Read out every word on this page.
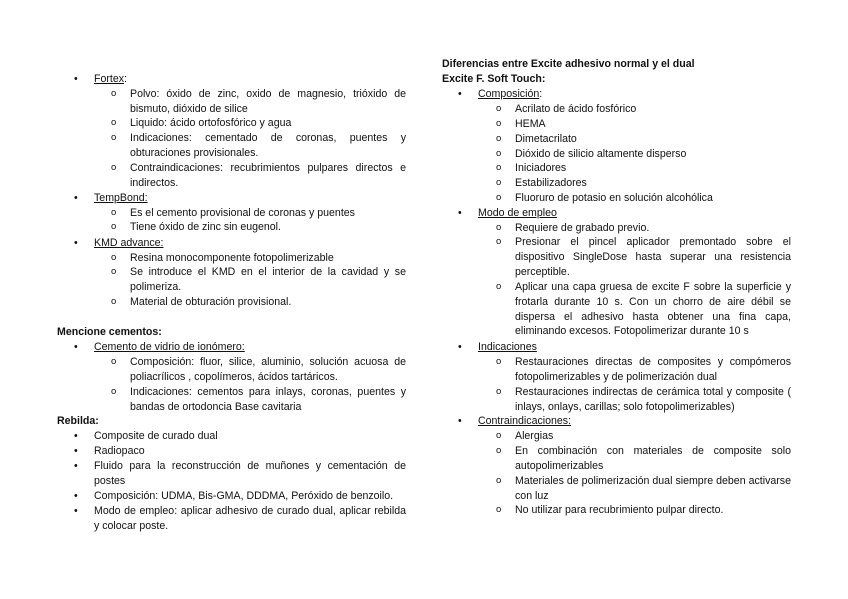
• Fortex:
o Polvo: óxido de zinc, oxido de magnesio, trióxido de bismuto, dióxido de silice
o Liquido: ácido ortofosfórico y agua
o Indicaciones: cementado de coronas, puentes y obturaciones provisionales.
o Contraindicaciones: recubrimientos pulpares directos e indirectos.
• TempBond:
o Es el cemento provisional de coronas y puentes
o Tiene óxido de zinc sin eugenol.
• KMD advance:
o Resina monocomponente fotopolimerizable
o Se introduce el KMD en el interior de la cavidad y se polimeriza.
o Material de obturación provisional.
Mencione cementos:
• Cemento de vidrio de ionómero:
o Composición: fluor, silice, aluminio, solución acuosa de poliacrílicos , copolímeros, ácidos tartáricos.
o Indicaciones: cementos para inlays, coronas, puentes y bandas de ortodoncia Base cavitaria
Rebilda:
• Composite de curado dual
• Radiopaco
• Fluido para la reconstrucción de muñones y cementación de postes
• Composición: UDMA, Bis-GMA, DDDMA, Peróxido de benzoilo.
• Modo de empleo: aplicar adhesivo de curado dual, aplicar rebilda y colocar poste.
Diferencias entre Excite adhesivo normal y el dual
Excite F. Soft Touch:
• Composición:
o Acrilato de ácido fosfórico
o HEMA
o Dimetacrilato
o Dióxido de silicio altamente disperso
o Iniciadores
o Estabilizadores
o Fluoruro de potasio en solución alcohólica
• Modo de empleo
o Requiere de grabado previo.
o Presionar el pincel aplicador premontado sobre el dispositivo SingleDose hasta superar una resistencia perceptible.
o Aplicar una capa gruesa de excite F sobre la superficie y frotarla durante 10 s. Con un chorro de aire débil se dispersa el adhesivo hasta obtener una fina capa, eliminando excesos. Fotopolimerizar durante 10 s
• Indicaciones
o Restauraciones directas de composites y compómeros fotopolimerizables y de polimerización dual
o Restauraciones indirectas de cerámica total y composite ( inlays, onlays, carillas; solo fotopolimerizables)
• Contraindicaciones:
o Alergias
o En combinación con materiales de composite solo autopolimerizables
o Materiales de polimerización dual siempre deben activarse con luz
o No utilizar para recubrimiento pulpar directo.
